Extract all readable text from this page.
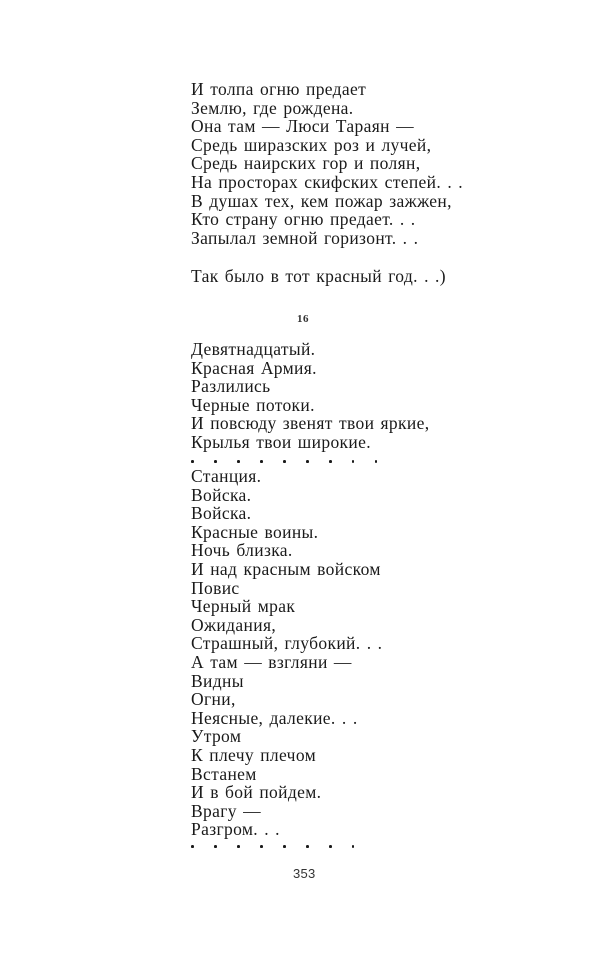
И толпа огню предает
Землю, где рождена.
Она там — Люси Тараян —
Средь ширазских роз и лучей,
Средь наирских гор и полян,
На просторах скифских степей. . .
В душах тех, кем пожар зажжен,
Кто страну огню предает. . .
Запылал земной горизонт. . .
Так было в тот красный год. . .)
16
Девятнадцатый.
Красная Армия.
Разлились
Черные потоки.
И повсюду звенят твои яркие,
Крылья твои широкие.
Станция.
Войска.
Войска.
Красные воины.
Ночь близка.
И над красным войском
Повис
Черный мрак
Ожидания,
Страшный, глубокий. . .
А там — взгляни —
Видны
Огни,
Неясные, далекие. . .
Утром
К плечу плечом
Встанем
И в бой пойдем.
Врагу —
Разгром. . .
353
